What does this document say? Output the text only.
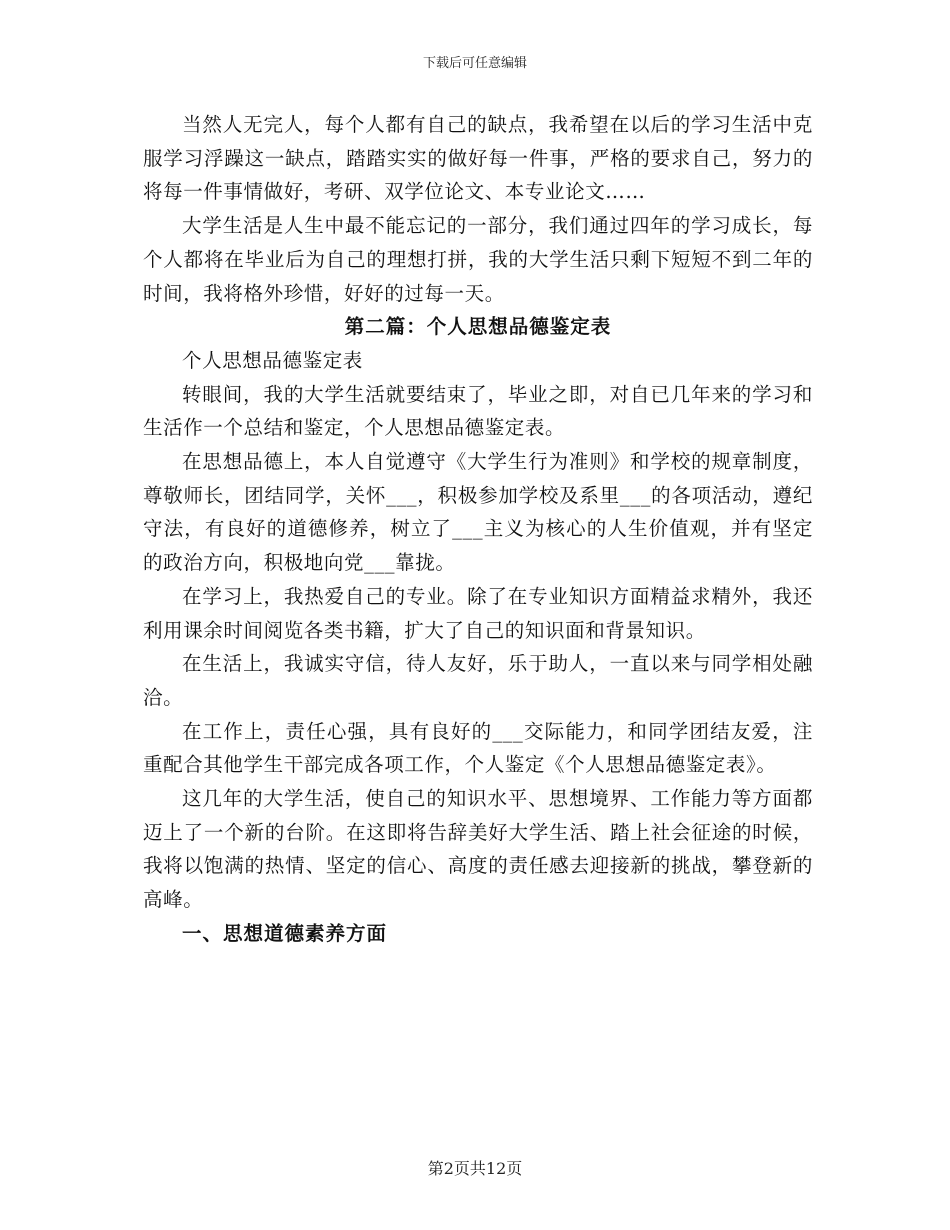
下载后可任意编辑

当然人无完人，每个人都有自己的缺点，我希望在以后的学习生活中克服学习浮躁这一缺点，踏踏实实的做好每一件事，严格的要求自己，努力的将每一件事情做好，考研、双学位论文、本专业论文……

大学生活是人生中最不能忘记的一部分，我们通过四年的学习成长，每个人都将在毕业后为自己的理想打拼，我的大学生活只剩下短短不到二年的时间，我将格外珍惜，好好的过每一天。

第二篇：个人思想品德鉴定表

个人思想品德鉴定表

转眼间，我的大学生活就要结束了，毕业之即，对自已几年来的学习和生活作一个总结和鉴定，个人思想品德鉴定表。

在思想品德上，本人自觉遵守《大学生行为准则》和学校的规章制度，尊敬师长，团结同学，关怀___，积极参加学校及系里___的各项活动，遵纪守法，有良好的道德修养，树立了___主义为核心的人生价值观，并有坚定的政治方向，积极地向党___靠拢。

在学习上，我热爱自己的专业。除了在专业知识方面精益求精外，我还利用课余时间阅览各类书籍，扩大了自己的知识面和背景知识。

在生活上，我诚实守信，待人友好，乐于助人，一直以来与同学相处融洽。

在工作上，责任心强，具有良好的___交际能力，和同学团结友爱，注重配合其他学生干部完成各项工作，个人鉴定《个人思想品德鉴定表》。

这几年的大学生活，使自己的知识水平、思想境界、工作能力等方面都迈上了一个新的台阶。在这即将告辞美好大学生活、踏上社会征途的时候，我将以饱满的热情、坚定的信心、高度的责任感去迎接新的挑战，攀登新的高峰。

一、思想道德素养方面

第2页共12页
